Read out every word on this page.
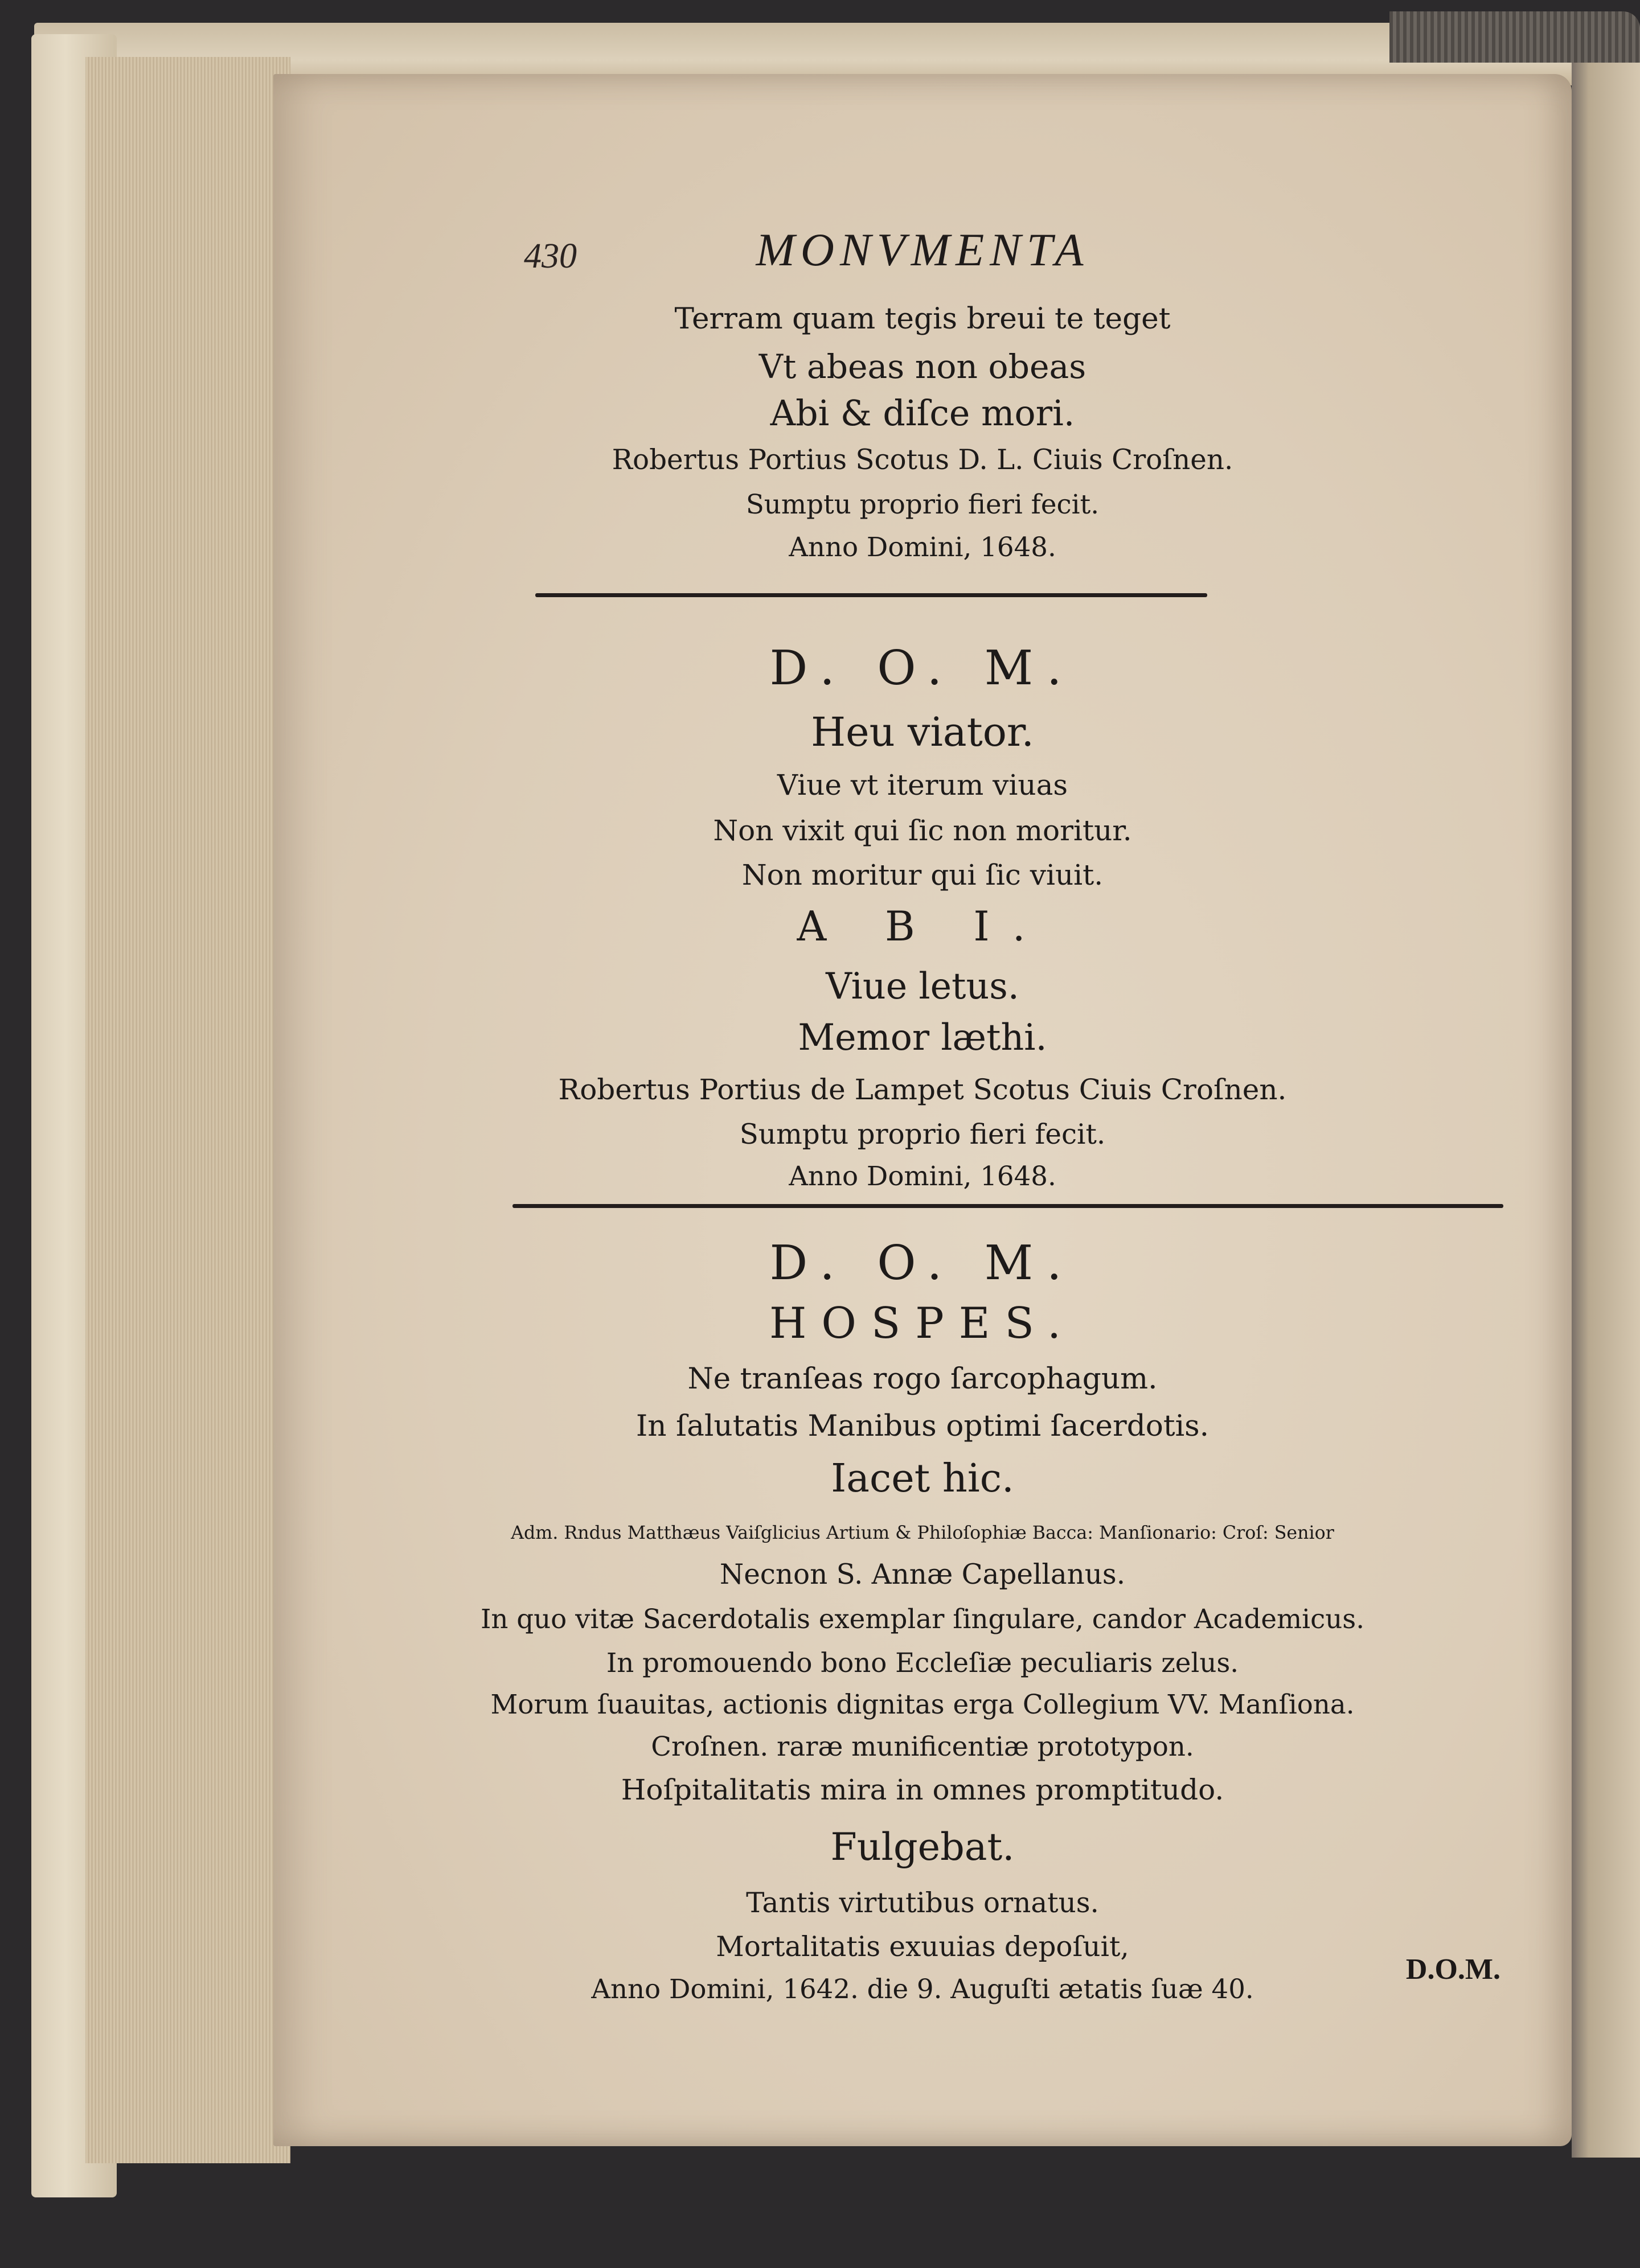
430	MONVMENTA
Terram quam tegis breui te teget
Vt abeas non obeas
Abi & diſce mori.
Robertus Portius Scotus D. L. Ciuis Croſnen.
Sumptu proprio fieri fecit.
Anno Domini, 1648.
D. O. M.
Heu viator.
Viue vt iterum viuas
Non vixit qui ſic non moritur.
Non moritur qui ſic viuit.
A B I.
Viue letus.
Memor læthi.
Robertus Portius de Lampet Scotus Ciuis Croſnen.
Sumptu proprio fieri fecit.
Anno Domini, 1648.
D. O. M.
HOSPES.
Ne tranſeas rogo ſarcophagum.
In ſalutatis Manibus optimi ſacerdotis.
Iacet hic.
Adm. Rndus Matthæus Vaiſglicius Artium & Philoſophiæ Bacca: Manſionario: Croſ: Senior
Necnon S. Annæ Capellanus.
In quo vitæ Sacerdotalis exemplar ſingulare, candor Academicus.
In promouendo bono Eccleſiæ peculiaris zelus.
Morum ſuauitas, actionis dignitas erga Collegium VV. Manſiona.
Croſnen. raræ munificentiæ prototypon.
Hoſpitalitatis mira in omnes promptitudo.
Fulgebat.
Tantis virtutibus ornatus.
Mortalitatis exuuias depoſuit,
Anno Domini, 1642. die 9. Auguſti ætatis ſuæ 40.
D.O.M.
